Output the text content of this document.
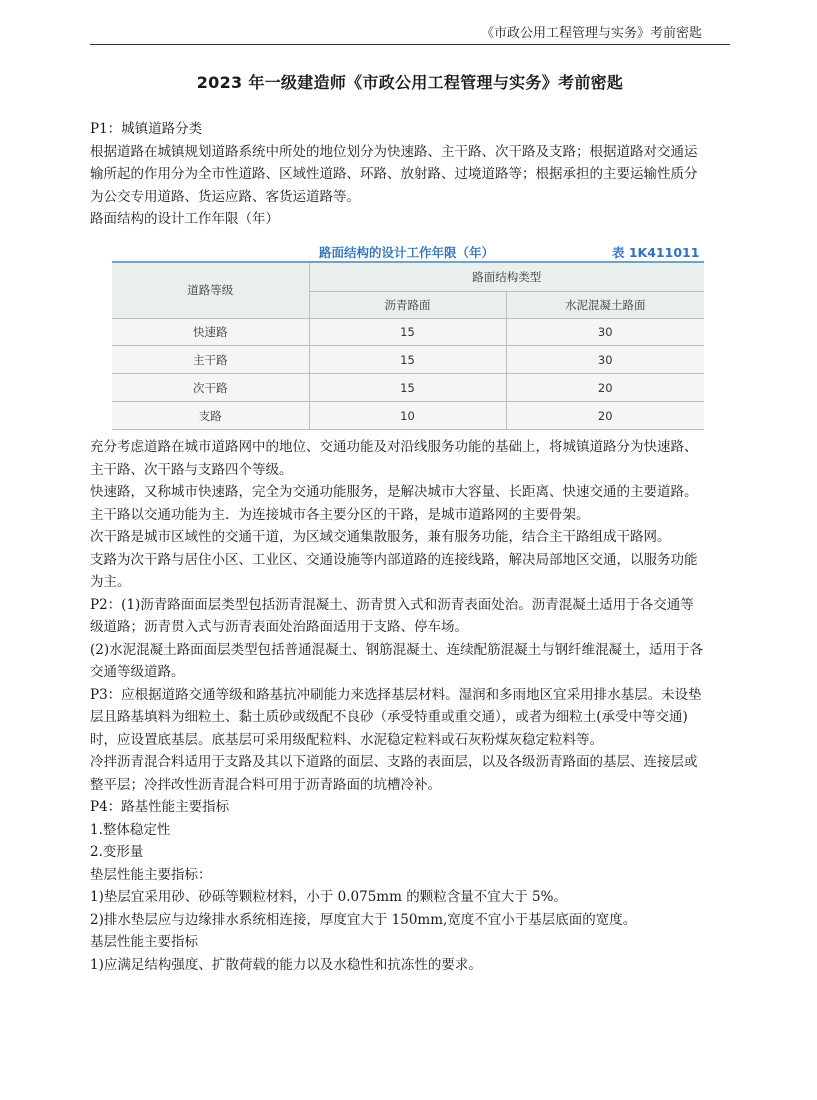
《市政公用工程管理与实务》考前密匙
2023 年一级建造师《市政公用工程管理与实务》考前密匙

P1：城镇道路分类

根据道路在城镇规划道路系统中所处的地位划分为快速路、主干路、次干路及支路；根据道路对交通运输所起的作用分为全市性道路、区域性道路、环路、放射路、过境道路等；根据承担的主要运输性质分为公交专用道路、货运应路、客货运道路等。

路面结构的设计工作年限（年）

路面结构的设计工作年限（年）	表 1K411011
道路等级	路面结构类型	
	沥青路面	水泥混凝土路面
快速路	15	30
主干路	15	30
次干路	15	20
支路	10	20

充分考虑道路在城市道路网中的地位、交通功能及对沿线服务功能的基础上，将城镇道路分为快速路、主干路、次干路与支路四个等级。

快速路，又称城市快速路，完全为交通功能服务，是解决城市大容量、长距离、快速交通的主要道路。

主干路以交通功能为主．为连接城市各主要分区的干路，是城市道路网的主要骨架。

次干路是城市区域性的交通干道，为区域交通集散服务，兼有服务功能，结合主干路组成干路网。

支路为次干路与居住小区、工业区、交通设施等内部道路的连接线路，解决局部地区交通，以服务功能为主。

P2：(1)沥青路面面层类型包括沥青混凝土、沥青贯入式和沥青表面处治。沥青混凝土适用于各交通等级道路；沥青贯入式与沥青表面处治路面适用于支路、停车场。

(2)水泥混凝土路面面层类型包括普通混凝土、钢筋混凝土、连续配筋混凝土与钢纤维混凝土，适用于各交通等级道路。

P3：应根据道路交通等级和路基抗冲刷能力来选择基层材料。湿润和多雨地区宜采用排水基层。未设垫层且路基填料为细粒土、黏土质砂或级配不良砂（承受特重或重交通），或者为细粒土(承受中等交通)时，应设置底基层。底基层可采用级配粒料、水泥稳定粒料或石灰粉煤灰稳定粒料等。

冷拌沥青混合料适用于支路及其以下道路的面层、支路的表面层，以及各级沥青路面的基层、连接层或整平层；冷拌改性沥青混合料可用于沥青路面的坑槽冷补。

P4：路基性能主要指标

1.整体稳定性

2.变形量

垫层性能主要指标：

1)垫层宜采用砂、砂砾等颗粒材料，小于 0.075mm 的颗粒含量不宜大于 5%。

2)排水垫层应与边缘排水系统相连接，厚度宜大于 150mm,宽度不宜小于基层底面的宽度。

基层性能主要指标

1)应满足结构强度、扩散荷载的能力以及水稳性和抗冻性的要求。
